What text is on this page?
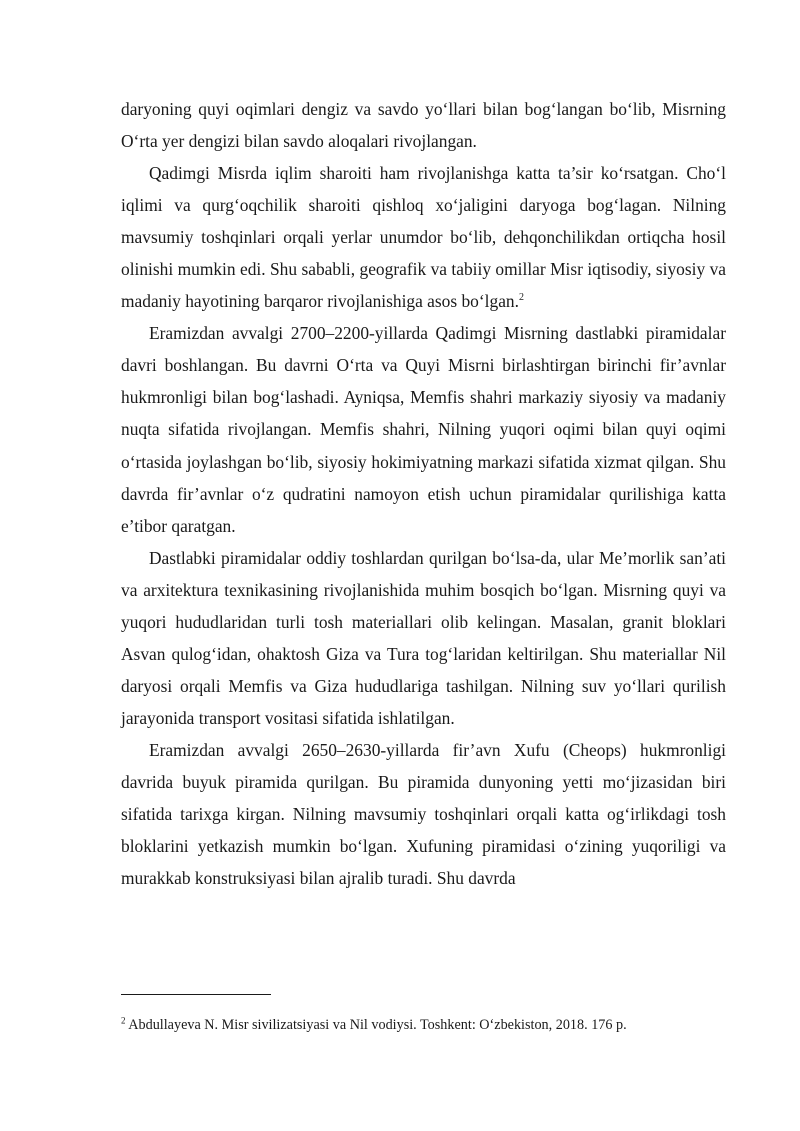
daryoning quyi oqimlari dengiz va savdo yo‘llari bilan bog‘langan bo‘lib, Misrning O‘rta yer dengizi bilan savdo aloqalari rivojlangan.

Qadimgi Misrda iqlim sharoiti ham rivojlanishga katta ta’sir ko‘rsatgan. Cho‘l iqlimi va qurg‘oqchilik sharoiti qishloq xo‘jaligini daryoga bog‘lagan. Nilning mavsumiy toshqinlari orqali yerlar unumdor bo‘lib, dehqonchilikdan ortiqcha hosil olinishi mumkin edi. Shu sababli, geografik va tabiiy omillar Misr iqtisodiy, siyosiy va madaniy hayotining barqaror rivojlanishiga asos bo‘lgan.$^2$

Eramizdan avvalgi 2700–2200-yillarda Qadimgi Misrning dastlabki piramidalar davri boshlangan. Bu davrni O‘rta va Quyi Misrni birlashtirgan birinchi fir’avnlar hukmronligi bilan bog‘lashadi. Ayniqsa, Memfis shahri markaziy siyosiy va madaniy nuqta sifatida rivojlangan. Memfis shahri, Nilning yuqori oqimi bilan quyi oqimi o‘rtasida joylashgan bo‘lib, siyosiy hokimiyatning markazi sifatida xizmat qilgan. Shu davrda fir’avnlar o‘z qudratini namoyon etish uchun piramidalar qurilishiga katta e’tibor qaratgan.

Dastlabki piramidalar oddiy toshlardan qurilgan bo‘lsa-da, ular Me’morlik san’ati va arxitektura texnikasining rivojlanishida muhim bosqich bo‘lgan. Misrning quyi va yuqori hududlaridan turli tosh materiallari olib kelingan. Masalan, granit bloklari Asvan qulog‘idan, ohaktosh Giza va Tura tog‘laridan keltirilgan. Shu materiallar Nil daryosi orqali Memfis va Giza hududlariga tashilgan. Nilning suv yo‘llari qurilish jarayonida transport vositasi sifatida ishlatilgan.

Eramizdan avvalgi 2650–2630-yillarda fir’avn Xufu (Cheops) hukmronligi davrida buyuk piramida qurilgan. Bu piramida dunyoning yetti mo‘jizasidan biri sifatida tarixga kirgan. Nilning mavsumiy toshqinlari orqali katta og‘irlikdagi tosh bloklarini yetkazish mumkin bo‘lgan. Xufuning piramidasi o‘zining yuqoriligi va murakkab konstruksiyasi bilan ajralib turadi. Shu davrda

$^2$ Abdullayeva N. Misr sivilizatsiyasi va Nil vodiysi. Toshkent: O‘zbekiston, 2018. 176 p.
